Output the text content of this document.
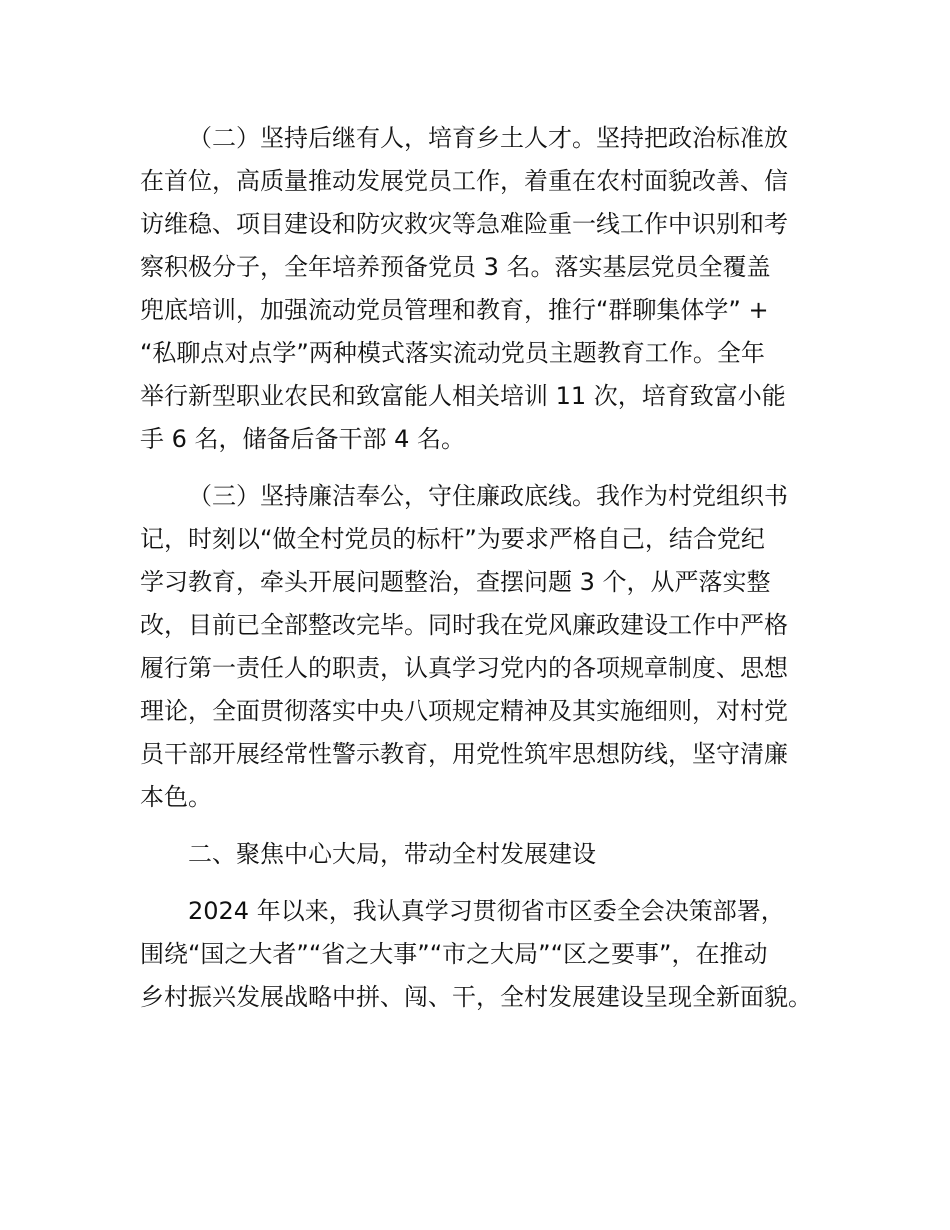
（二）坚持后继有人，培育乡土人才。坚持把政治标准放
在首位，高质量推动发展党员工作，着重在农村面貌改善、信
访维稳、项目建设和防灾救灾等急难险重一线工作中识别和考
察积极分子，全年培养预备党员 3 名。落实基层党员全覆盖
兜底培训，加强流动党员管理和教育，推行“群聊集体学” +
“私聊点对点学”两种模式落实流动党员主题教育工作。全年
举行新型职业农民和致富能人相关培训 11 次，培育致富小能
手 6 名，储备后备干部 4 名。
（三）坚持廉洁奉公，守住廉政底线。我作为村党组织书
记，时刻以“做全村党员的标杆”为要求严格自己，结合党纪
学习教育，牵头开展问题整治，查摆问题 3 个，从严落实整
改，目前已全部整改完毕。同时我在党风廉政建设工作中严格
履行第一责任人的职责，认真学习党内的各项规章制度、思想
理论，全面贯彻落实中央八项规定精神及其实施细则，对村党
员干部开展经常性警示教育，用党性筑牢思想防线，坚守清廉
本色。
二、聚焦中心大局，带动全村发展建设
2024 年以来，我认真学习贯彻省市区委全会决策部署，
围绕“国之大者”“省之大事”“市之大局”“区之要事”，在推动
乡村振兴发展战略中拼、闯、干，全村发展建设呈现全新面貌。
